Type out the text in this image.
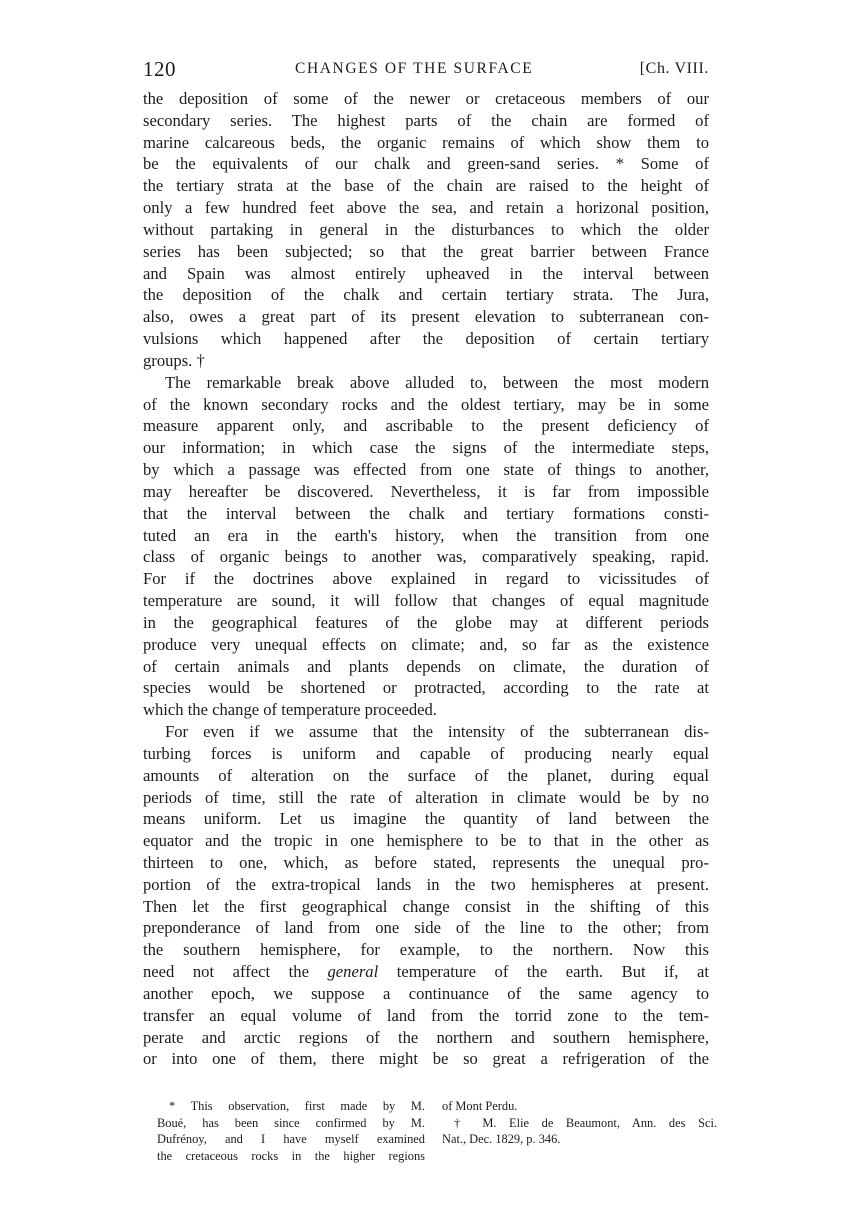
120	CHANGES OF THE SURFACE	[Ch. VIII.
the deposition of some of the newer or cretaceous members of our
secondary series. The highest parts of the chain are formed of
marine calcareous beds, the organic remains of which show them to
be the equivalents of our chalk and green-sand series. * Some of
the tertiary strata at the base of the chain are raised to the height of
only a few hundred feet above the sea, and retain a horizonal position,
without partaking in general in the disturbances to which the older
series has been subjected; so that the great barrier between France
and Spain was almost entirely upheaved in the interval between
the deposition of the chalk and certain tertiary strata. The Jura,
also, owes a great part of its present elevation to subterranean con-
vulsions which happened after the deposition of certain tertiary
groups. †
The remarkable break above alluded to, between the most modern
of the known secondary rocks and the oldest tertiary, may be in some
measure apparent only, and ascribable to the present deficiency of
our information; in which case the signs of the intermediate steps,
by which a passage was effected from one state of things to another,
may hereafter be discovered. Nevertheless, it is far from impossible
that the interval between the chalk and tertiary formations consti-
tuted an era in the earth's history, when the transition from one
class of organic beings to another was, comparatively speaking, rapid.
For if the doctrines above explained in regard to vicissitudes of
temperature are sound, it will follow that changes of equal magnitude
in the geographical features of the globe may at different periods
produce very unequal effects on climate; and, so far as the existence
of certain animals and plants depends on climate, the duration of
species would be shortened or protracted, according to the rate at
which the change of temperature proceeded.
For even if we assume that the intensity of the subterranean dis-
turbing forces is uniform and capable of producing nearly equal
amounts of alteration on the surface of the planet, during equal
periods of time, still the rate of alteration in climate would be by no
means uniform. Let us imagine the quantity of land between the
equator and the tropic in one hemisphere to be to that in the other as
thirteen to one, which, as before stated, represents the unequal pro-
portion of the extra-tropical lands in the two hemispheres at present.
Then let the first geographical change consist in the shifting of this
preponderance of land from one side of the line to the other; from
the southern hemisphere, for example, to the northern. Now this
need not affect the general temperature of the earth. But if, at
another epoch, we suppose a continuance of the same agency to
transfer an equal volume of land from the torrid zone to the tem-
perate and arctic regions of the northern and southern hemisphere,
or into one of them, there might be so great a refrigeration of the
* This observation, first made by M.
Boué, has been since confirmed by M.
Dufrénoy, and I have myself examined
the cretaceous rocks in the higher regions
of Mont Perdu.
† M. Elie de Beaumont, Ann. des Sci.
Nat., Dec. 1829, p. 346.
